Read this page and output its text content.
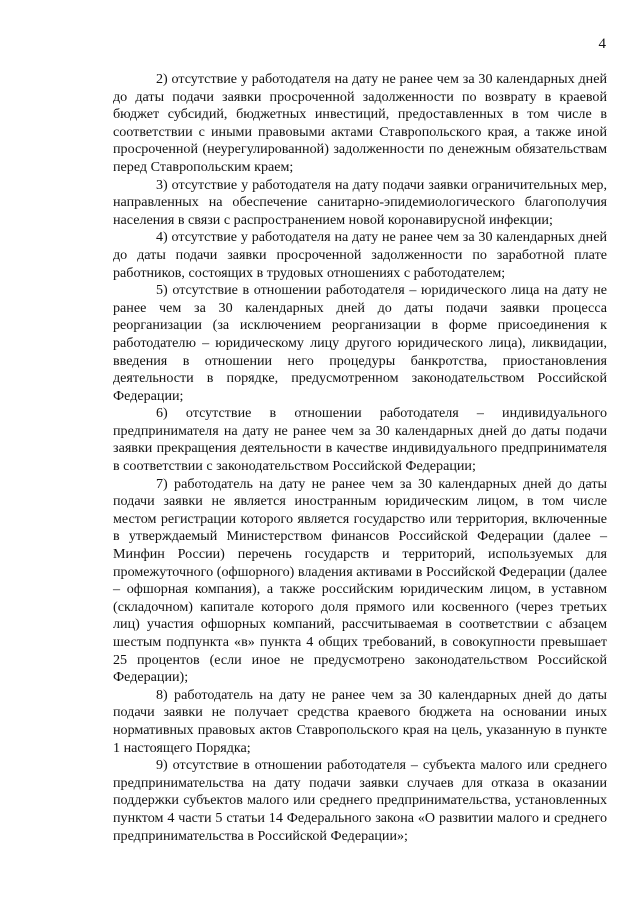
4

2) отсутствие у работодателя на дату не ранее чем за 30 календарных дней до даты подачи заявки просроченной задолженности по возврату в краевой бюджет субсидий, бюджетных инвестиций, предоставленных в том числе в соответствии с иными правовыми актами Ставропольского края, а также иной просроченной (неурегулированной) задолженности по денежным обязательствам перед Ставропольским краем;

3) отсутствие у работодателя на дату подачи заявки ограничительных мер, направленных на обеспечение санитарно-эпидемиологического благополучия населения в связи с распространением новой коронавирусной инфекции;

4) отсутствие у работодателя на дату не ранее чем за 30 календарных дней до даты подачи заявки просроченной задолженности по заработной плате работников, состоящих в трудовых отношениях с работодателем;

5) отсутствие в отношении работодателя – юридического лица на дату не ранее чем за 30 календарных дней до даты подачи заявки процесса реорганизации (за исключением реорганизации в форме присоединения к работодателю – юридическому лицу другого юридического лица), ликвидации, введения в отношении него процедуры банкротства, приостановления деятельности в порядке, предусмотренном законодательством Российской Федерации;

6) отсутствие в отношении работодателя – индивидуального предпринимателя на дату не ранее чем за 30 календарных дней до даты подачи заявки прекращения деятельности в качестве индивидуального предпринимателя в соответствии с законодательством Российской Федерации;

7) работодатель на дату не ранее чем за 30 календарных дней до даты подачи заявки не является иностранным юридическим лицом, в том числе местом регистрации которого является государство или территория, включенные в утверждаемый Министерством финансов Российской Федерации (далее – Минфин России) перечень государств и территорий, используемых для промежуточного (офшорного) владения активами в Российской Федерации (далее – офшорная компания), а также российским юридическим лицом, в уставном (складочном) капитале которого доля прямого или косвенного (через третьих лиц) участия офшорных компаний, рассчитываемая в соответствии с абзацем шестым подпункта «в» пункта 4 общих требований, в совокупности превышает 25 процентов (если иное не предусмотрено законодательством Российской Федерации);

8) работодатель на дату не ранее чем за 30 календарных дней до даты подачи заявки не получает средства краевого бюджета на основании иных нормативных правовых актов Ставропольского края на цель, указанную в пункте 1 настоящего Порядка;

9) отсутствие в отношении работодателя – субъекта малого или среднего предпринимательства на дату подачи заявки случаев для отказа в оказании поддержки субъектов малого или среднего предпринимательства, установленных пунктом 4 части 5 статьи 14 Федерального закона «О развитии малого и среднего предпринимательства в Российской Федерации»;
